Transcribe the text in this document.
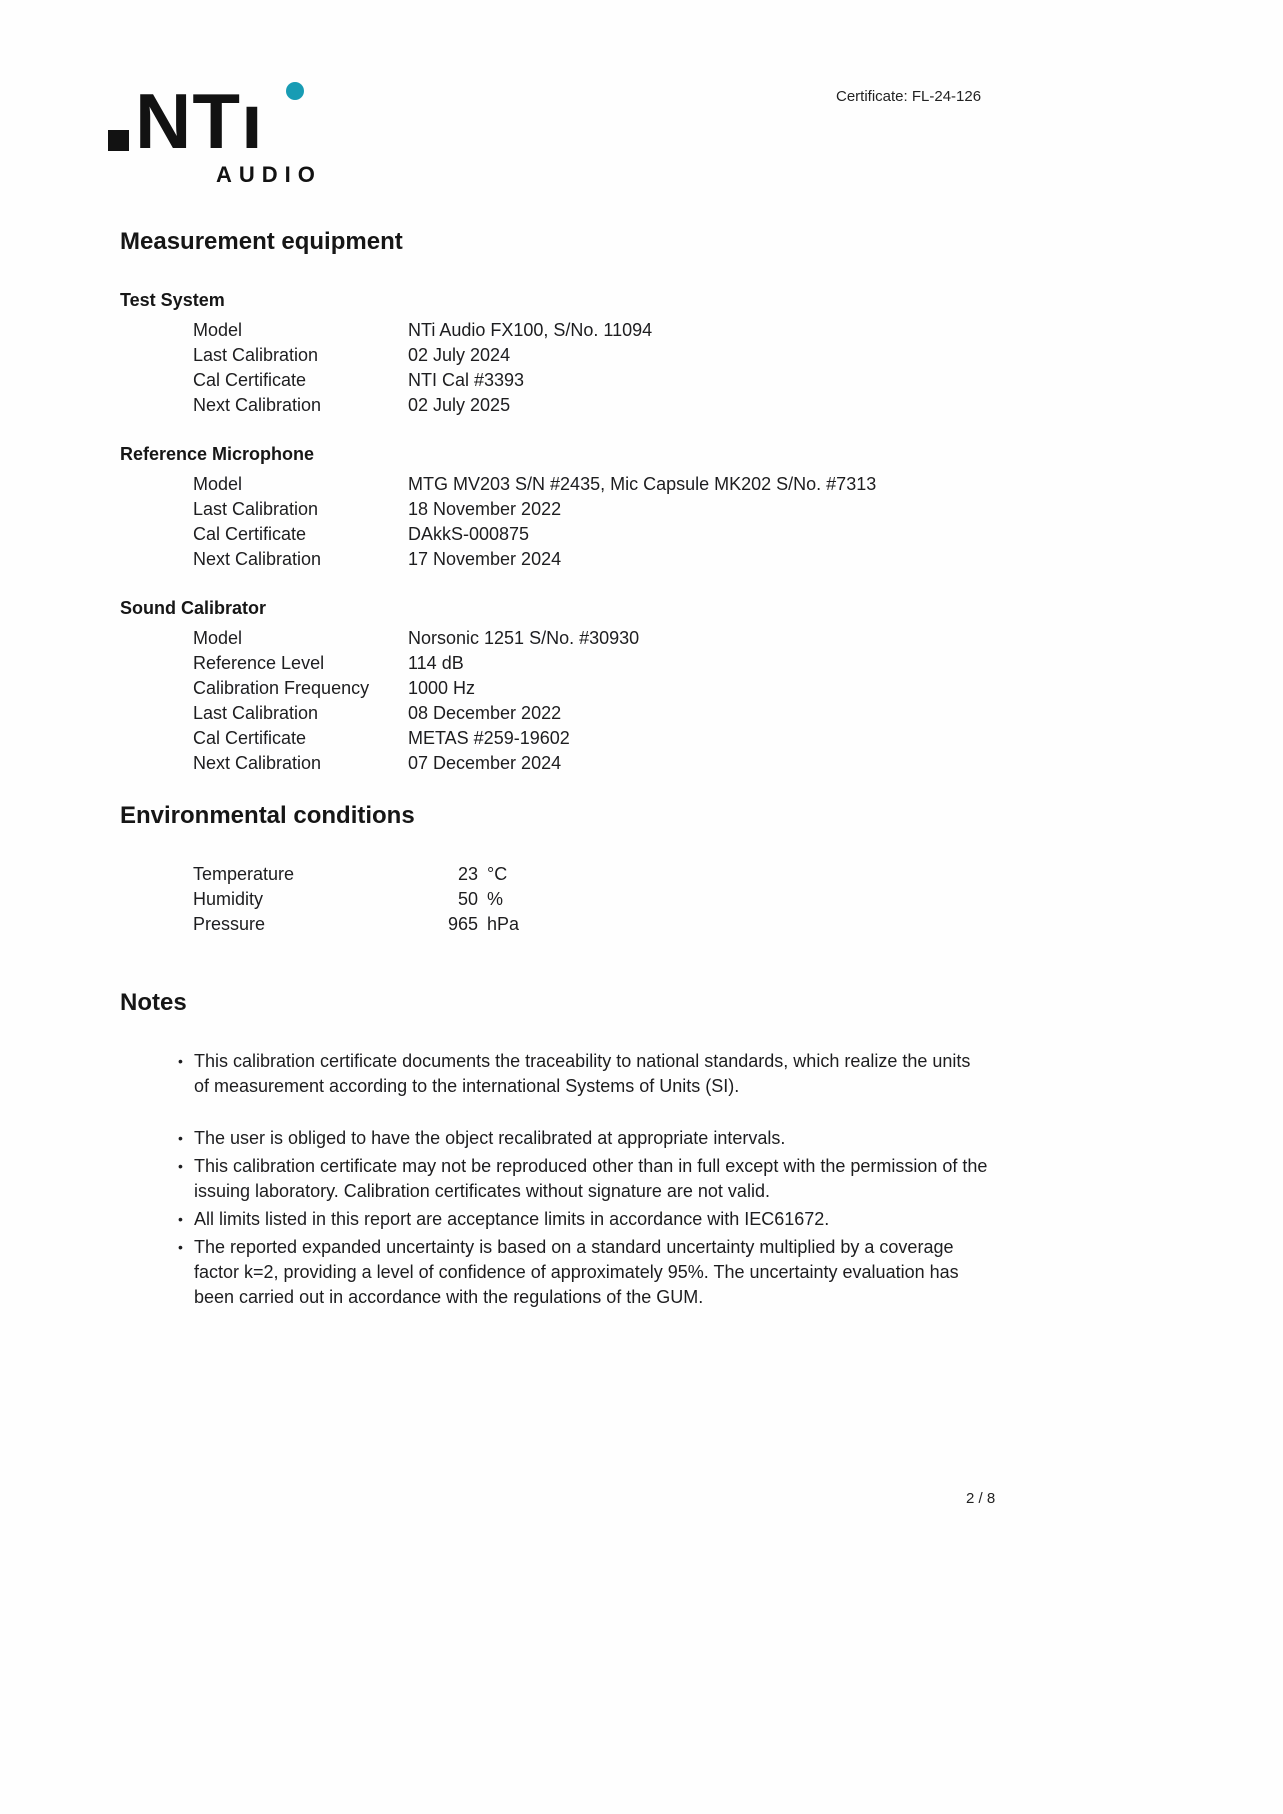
Certificate: FL-24-126
NT ı
AUDIO
Measurement equipment
Test System
Model	NTi Audio FX100, S/No. 11094
Last Calibration	02 July 2024
Cal Certificate	NTI Cal #3393
Next Calibration	02 July 2025
Reference Microphone
Model	MTG MV203 S/N #2435, Mic Capsule MK202 S/No. #7313
Last Calibration	18 November 2022
Cal Certificate	DAkkS-000875
Next Calibration	17 November 2024
Sound Calibrator
Model	Norsonic 1251 S/No. #30930
Reference Level	114 dB
Calibration Frequency 1000 Hz
Last Calibration	08 December 2022
Cal Certificate	METAS #259-19602
Next Calibration	07 December 2024
Environmental conditions
Temperature	23 °C
Humidity	50 %
Pressure	965 hPa
Notes
• This calibration certificate documents the traceability to national standards, which realize the units of measurement according to the international Systems of Units (SI).
• The user is obliged to have the object recalibrated at appropriate intervals.
• This calibration certificate may not be reproduced other than in full except with the permission of the issuing laboratory. Calibration certificates without signature are not valid.
• All limits listed in this report are acceptance limits in accordance with IEC61672.
• The reported expanded uncertainty is based on a standard uncertainty multiplied by a coverage factor k=2, providing a level of confidence of approximately 95%. The uncertainty evaluation has been carried out in accordance with the regulations of the GUM.
2 / 8
